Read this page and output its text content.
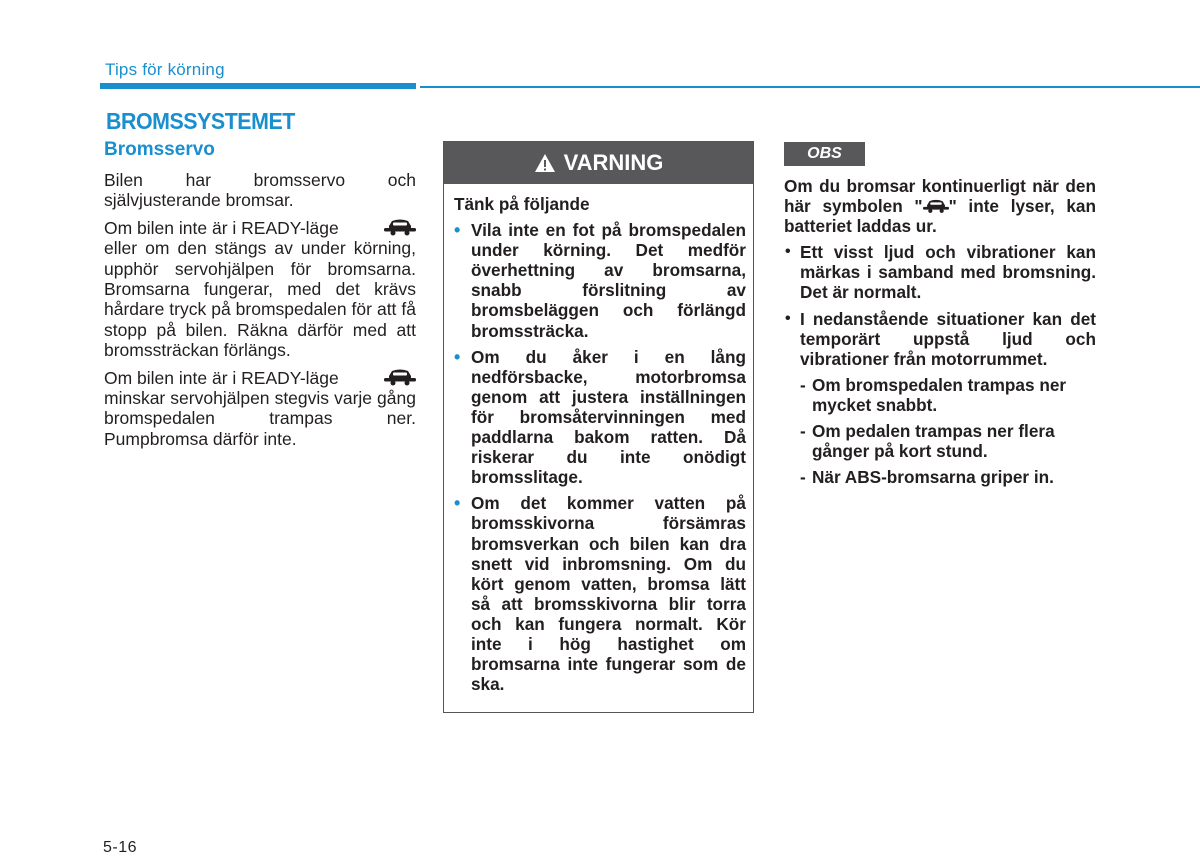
Tips för körning
BROMSSYSTEMET
Bromsservo

Bilen har bromsservo och självjusterande bromsar.

Om bilen inte är i READY-läge

eller om den stängs av under körning, upphör servohjälpen för bromsarna. Bromsarna fungerar, med det krävs hårdare tryck på bromspedalen för att få stopp på bilen. Räkna därför med att bromssträckan förlängs.

Om bilen inte är i READY-läge

minskar servohjälpen stegvis varje gång bromspedalen trampas ner. Pumpbromsa därför inte.

VARNING

Tänk på följande

• Vila inte en fot på bromspedalen under körning. Det medför överhettning av bromsarna, snabb förslitning av bromsbeläggen och förlängd bromssträcka.
• Om du åker i en lång nedförsbacke, motorbromsa genom att justera inställningen för bromsåtervinningen med paddlarna bakom ratten. Då riskerar du inte onödigt bromsslitage.
• Om det kommer vatten på bromsskivorna försämras bromsverkan och bilen kan dra snett vid inbromsning. Om du kört genom vatten, bromsa lätt så att bromsskivorna blir torra och kan fungera normalt. Kör inte i hög hastighet om bromsarna inte fungerar som de ska.
OBS

Om du bromsar kontinuerligt när den här symbolen " " inte lyser, kan batteriet laddas ur.

• Ett visst ljud och vibrationer kan märkas i samband med bromsning. Det är normalt.
• I nedanstående situationer kan det temporärt uppstå ljud och vibrationer från motorrummet.
- Om bromspedalen trampas ner mycket snabbt.
- Om pedalen trampas ner flera gånger på kort stund.
- När ABS-bromsarna griper in.
5-16
